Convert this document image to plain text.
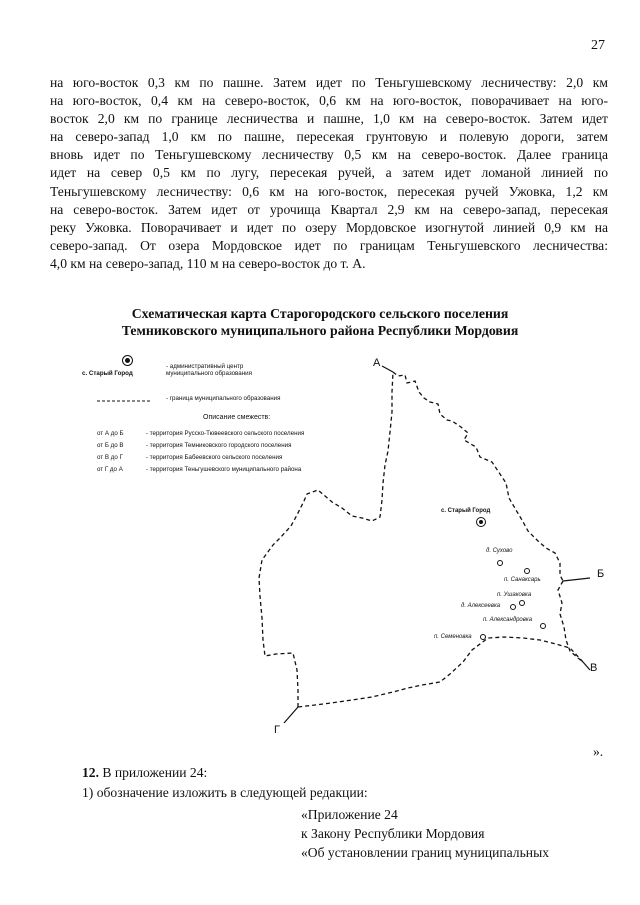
27
на юго-восток 0,3 км по пашне. Затем идет по Теньгушевскому лесничеству: 2,0 км
на юго-восток, 0,4 км на северо-восток, 0,6 км на юго-восток, поворачивает на юго-
восток 2,0 км по границе лесничества и пашне, 1,0 км на северо-восток. Затем идет
на северо-запад 1,0 км по пашне, пересекая грунтовую и полевую дороги, затем
вновь идет по Теньгушевскому лесничеству 0,5 км на северо-восток. Далее граница
идет на север 0,5 км по лугу, пересекая ручей, а затем идет ломаной линией по
Теньгушевскому лесничеству: 0,6 км на юго-восток, пересекая ручей Ужовка, 1,2 км
на северо-восток. Затем идет от урочища Квартал 2,9 км на северо-запад, пересекая
реку Ужовка. Поворачивает и идет по озеру Мордовское изогнутой линией 0,9 км на
северо-запад. От озера Мордовское идет по границам Теньгушевского лесничества:
4,0 км на северо-запад, 110 м на северо-восток до т. А.
Схематическая карта Старогородского сельского поселения
Темниковского муниципального района Республики Мордовия
с. Старый Город
- административный центр
муниципального образования
- граница муниципального образования
Описание смежеств:
от А до Б	- территория Русско-Тювеевского сельского поселения
от Б до В	- территория Темниковского городского поселения
от В до Г	- территория Бабеевского сельского поселения
от Г до А	- территория Теньгушевского муниципального района
А
Б
В
Г
с. Старый Город
д. Сухово
п. Санаксарь
п. Ушаковка
д. Алексеевка
п. Александровка
п. Семеновка
».
12. В приложении 24:
1) обозначение изложить в следующей редакции:
«Приложение 24
к Закону Республики Мордовия
«Об установлении границ муниципальных
